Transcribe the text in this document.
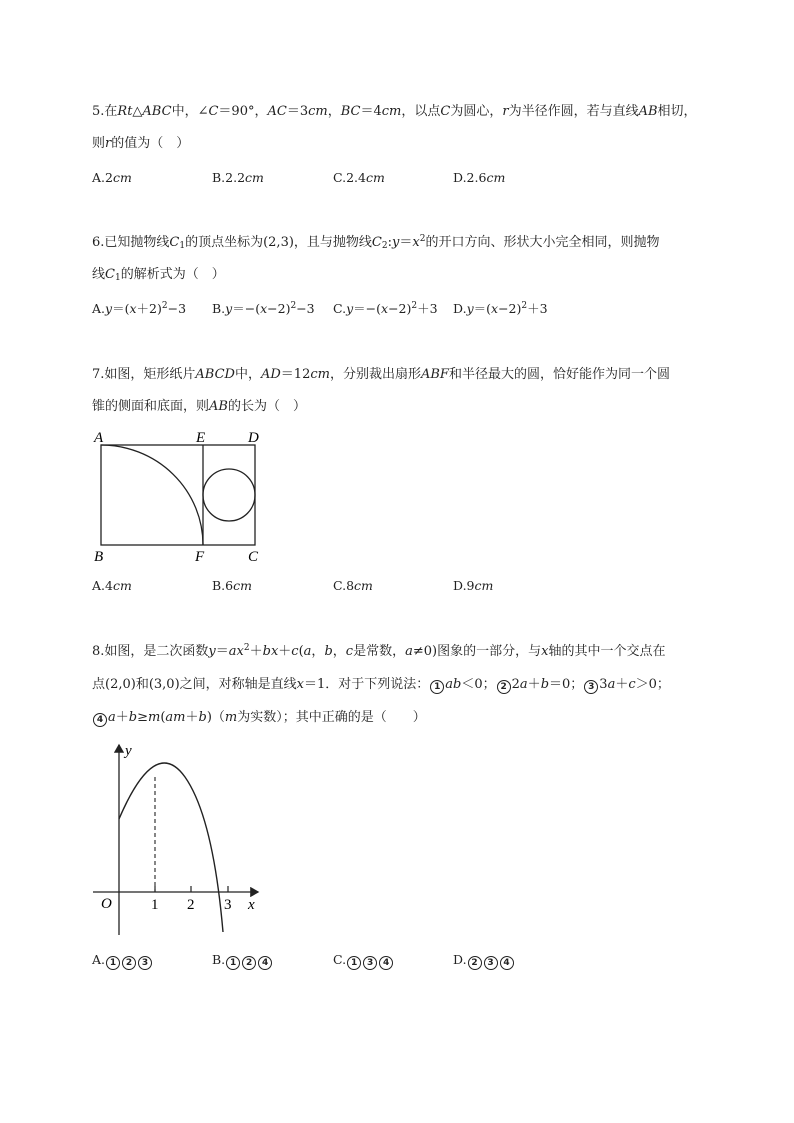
5.在Rt△ABC中，∠C＝90°，AC＝3cm，BC＝4cm，以点C为圆心，r为半径作圆，若与直线AB相切，
则r的值为（　）
A.2cm	B.2.2cm	C.2.4cm	D.2.6cm
6.已知抛物线$C_1$的顶点坐标为(2,3)，且与抛物线$C_2:y=x^2$的开口方向、形状大小完全相同，则抛物
线$C_1$的解析式为（　）
$A.y=(x+2)^2-3$ $B.y=-(x-2)^2-3$ $C.y=-(x-2)^2+3$ $D.y=(x-2)^2+3$
7.如图，矩形纸片ABCD中，AD＝12cm，分别裁出扇形ABF和半径最大的圆，恰好能作为同一个圆
锥的侧面和底面，则AB的长为（　）
A	E	D
B	F	C
A.4cm	B.6cm	C.8cm	D.9cm
8.如图，是二次函数$y=ax^2+bx+c(a$，b，c是常数，a≠0)图象的一部分，与x轴的其中一个交点在
点(2,0)和(3,0)之间，对称轴是直线x＝1．对于下列说法： 1 ab＜0； 2 2a＋b＝0； 3 3a＋c＞0；
4 a＋b≥m(am＋b)（m为实数）；其中正确的是（　　）
y
O	x
1 2 3
A. 1 2 3	B. 1 2 4	C. 1 3 4	D. 2 3 4
